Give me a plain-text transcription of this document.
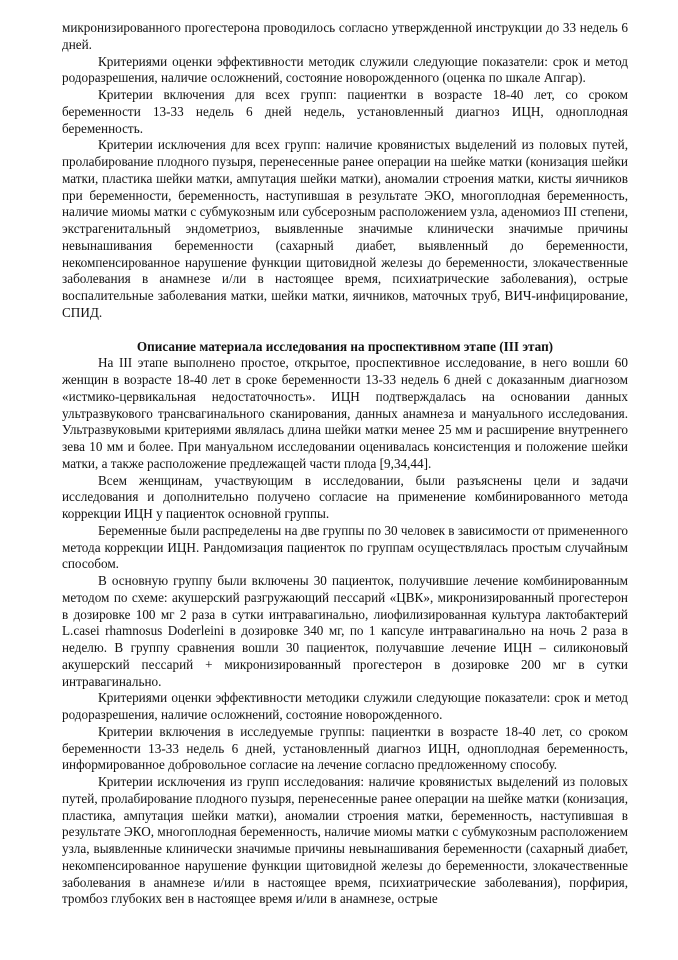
микронизированного прогестерона проводилось согласно утвержденной инструкции до 33 недель 6 дней.

Критериями оценки эффективности методик служили следующие показатели: срок и метод родоразрешения, наличие осложнений, состояние новорожденного (оценка по шкале Апгар).

Критерии включения для всех групп: пациентки в возрасте 18-40 лет, со сроком беременности 13-33 недель 6 дней недель, установленный диагноз ИЦН, одноплодная беременность.

Критерии исключения для всех групп: наличие кровянистых выделений из половых путей, пролабирование плодного пузыря, перенесенные ранее операции на шейке матки (конизация шейки матки, пластика шейки матки, ампутация шейки матки), аномалии строения матки, кисты яичников при беременности, беременность, наступившая в результате ЭКО, многоплодная беременность, наличие миомы матки с субмукозным или субсерозным расположением узла, аденомиоз III степени, экстрагенитальный эндометриоз, выявленные значимые клинически значимые причины невынашивания беременности (сахарный диабет, выявленный до беременности, некомпенсированное нарушение функции щитовидной железы до беременности, злокачественные заболевания в анамнезе и/ли в настоящее время, психиатрические заболевания), острые воспалительные заболевания матки, шейки матки, яичников, маточных труб, ВИЧ-инфицирование, СПИД.

Описание материала исследования на проспективном этапе (III этап)

На III этапе выполнено простое, открытое, проспективное исследование, в него вошли 60 женщин в возрасте 18-40 лет в сроке беременности 13-33 недель 6 дней с доказанным диагнозом «истмико-цервикальная недостаточность». ИЦН подтверждалась на основании данных ультразвукового трансвагинального сканирования, данных анамнеза и мануального исследования. Ультразвуковыми критериями являлась длина шейки матки менее 25 мм и расширение внутреннего зева 10 мм и более. При мануальном исследовании оценивалась консистенция и положение шейки матки, а также расположение предлежащей части плода [9,34,44].

Всем женщинам, участвующим в исследовании, были разъяснены цели и задачи исследования и дополнительно получено согласие на применение комбинированного метода коррекции ИЦН у пациенток основной группы.

Беременные были распределены на две группы по 30 человек в зависимости от примененного метода коррекции ИЦН. Рандомизация пациенток по группам осуществлялась простым случайным способом.

В основную группу были включены 30 пациенток, получившие лечение комбинированным методом по схеме: акушерский разгружающий пессарий «ЦВК», микронизированный прогестерон в дозировке 100 мг 2 раза в сутки интравагинально, лиофилизированная культура лактобактерий L.casei rhamnosus Doderleini в дозировке 340 мг, по 1 капсуле интравагинально на ночь 2 раза в неделю. В группу сравнения вошли 30 пациенток, получавшие лечение ИЦН – силиконовый акушерский пессарий + микронизированный прогестерон в дозировке 200 мг в сутки интравагинально.

Критериями оценки эффективности методики служили следующие показатели: срок и метод родоразрешения, наличие осложнений, состояние новорожденного.

Критерии включения в исследуемые группы: пациентки в возрасте 18-40 лет, со сроком беременности 13-33 недель 6 дней, установленный диагноз ИЦН, одноплодная беременность, информированное добровольное согласие на лечение согласно предложенному способу.

Критерии исключения из групп исследования: наличие кровянистых выделений из половых путей, пролабирование плодного пузыря, перенесенные ранее операции на шейке матки (конизация, пластика, ампутация шейки матки), аномалии строения матки, беременность, наступившая в результате ЭКО, многоплодная беременность, наличие миомы матки с субмукозным расположением узла, выявленные клинически значимые причины невынашивания беременности (сахарный диабет, некомпенсированное нарушение функции щитовидной железы до беременности, злокачественные заболевания в анамнезе и/или в настоящее время, психиатрические заболевания), порфирия, тромбоз глубоких вен в настоящее время и/или в анамнезе, острые
